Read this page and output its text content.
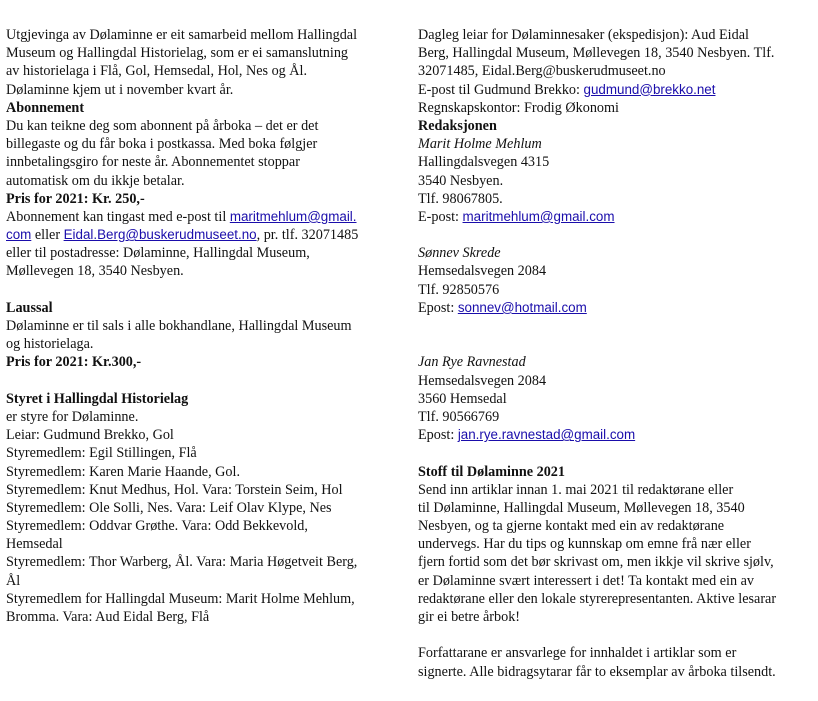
Utgjevinga av Dølaminne er eit samarbeid mellom Hallingdal
Museum og Hallingdal Historielag, som er ei samanslutning
av historielaga i Flå, Gol, Hemsedal, Hol, Nes og Ål.
Dølaminne kjem ut i november kvart år.
Abonnement
Du kan teikne deg som abonnent på årboka – det er det
billegaste og du får boka i postkassa. Med boka følgjer
innbetalingsgiro for neste år. Abonnementet stoppar
automatisk om du ikkje betalar.
Pris for 2021: Kr. 250,-
Abonnement kan tingast med e-post til maritmehlum@gmail.
com eller Eidal.Berg@buskerudmuseet.no, pr. tlf. 32071485
eller til postadresse: Dølaminne, Hallingdal Museum,
Møllevegen 18, 3540 Nesbyen.
Laussal
Dølaminne er til sals i alle bokhandlane, Hallingdal Museum
og historielaga.
Pris for 2021: Kr.300,-
Styret i Hallingdal Historielag
er styre for Dølaminne.
Leiar: Gudmund Brekko, Gol
Styremedlem: Egil Stillingen, Flå
Styremedlem: Karen Marie Haande, Gol.
Styremedlem: Knut Medhus, Hol. Vara: Torstein Seim, Hol
Styremedlem: Ole Solli, Nes. Vara: Leif Olav Klype, Nes
Styremedlem: Oddvar Grøthe. Vara: Odd Bekkevold,
Hemsedal
Styremedlem: Thor Warberg, Ål. Vara: Maria Høgetveit Berg,
Ål
Styremedlem for Hallingdal Museum: Marit Holme Mehlum,
Bromma. Vara: Aud Eidal Berg, Flå
Dagleg leiar for Dølaminnesaker (ekspedisjon): Aud Eidal
Berg, Hallingdal Museum, Møllevegen 18, 3540 Nesbyen. Tlf.
32071485, Eidal.Berg@buskerudmuseet.no
E-post til Gudmund Brekko: gudmund@brekko.net
Regnskapskontor: Frodig Økonomi
Redaksjonen
Marit Holme Mehlum
Hallingdalsvegen 4315
3540 Nesbyen.
Tlf. 98067805.
E-post: maritmehlum@gmail.com
Sønnev Skrede
Hemsedalsvegen 2084
Tlf. 92850576
Epost: sonnev@hotmail.com
Jan Rye Ravnestad
Hemsedalsvegen 2084
3560 Hemsedal
Tlf. 90566769
Epost: jan.rye.ravnestad@gmail.com
Stoff til Dølaminne 2021
Send inn artiklar innan 1. mai 2021 til redaktørane eller
til Dølaminne, Hallingdal Museum, Møllevegen 18, 3540
Nesbyen, og ta gjerne kontakt med ein av redaktørane
undervegs. Har du tips og kunnskap om emne frå nær eller
fjern fortid som det bør skrivast om, men ikkje vil skrive sjølv,
er Dølaminne svært interessert i det! Ta kontakt med ein av
redaktørane eller den lokale styrerepresentanten. Aktive lesarar
gir ei betre årbok!
Forfattarane er ansvarlege for innhaldet i artiklar som er
signerte. Alle bidragsytarar får to eksemplar av årboka tilsendt.
